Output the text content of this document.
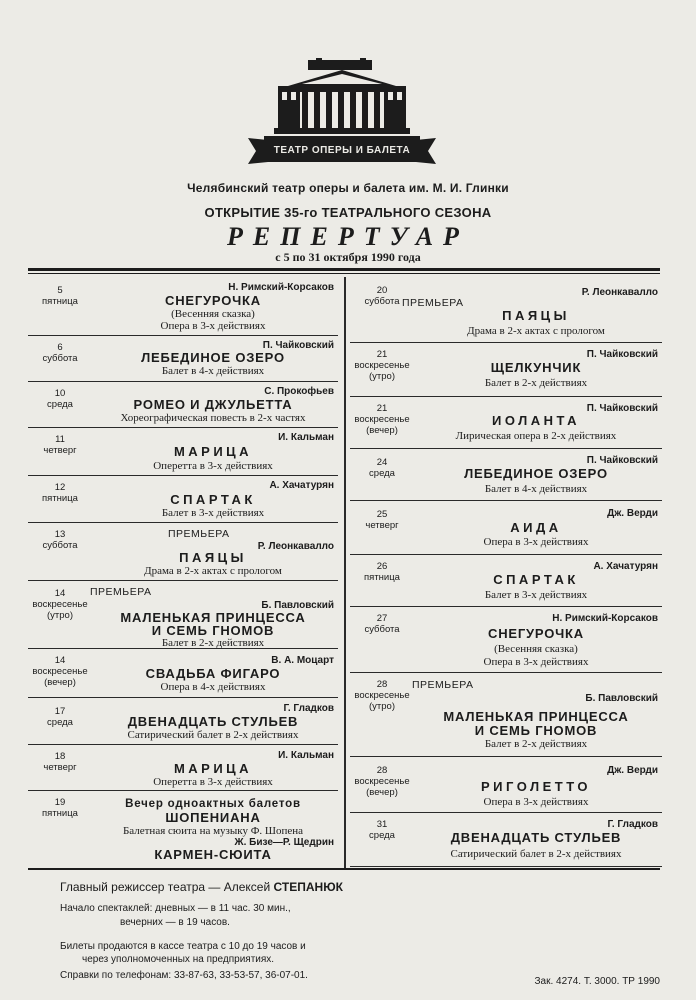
ТЕАТР ОПЕРЫ И БАЛЕТА
Челябинский театр оперы и балета им. М. И. Глинки
ОТКРЫТИЕ 35-го ТЕАТРАЛЬНОГО СЕЗОНА
РЕПЕРТУАР
с 5 по 31 октября 1990 года
5
пятница
Н. Римский-Корсаков
СНЕГУРОЧКА
(Весенняя сказка)
Опера в 3-х действиях
6
суббота
П. Чайковский
ЛЕБЕДИНОЕ ОЗЕРО
Балет в 4-х действиях
10
среда
С. Прокофьев
РОМЕО И ДЖУЛЬЕТТА
Хореографическая повесть в 2-х частях
11
четверг
И. Кальман
МАРИЦА
Оперетта в 3-х действиях
12
пятница
А. Хачатурян
СПАРТАК
Балет в 3-х действиях
13
суббота
ПРЕМЬЕРА
Р. Леонкавалло
ПАЯЦЫ
Драма в 2-х актах с прологом
14
воскресенье
(утро)
ПРЕМЬЕРА
Б. Павловский
МАЛЕНЬКАЯ ПРИНЦЕССА
И СЕМЬ ГНОМОВ
Балет в 2-х действиях
14
воскресенье
(вечер)
В. А. Моцарт
СВАДЬБА ФИГАРО
Опера в 4-х действиях
17
среда
Г. Гладков
ДВЕНАДЦАТЬ СТУЛЬЕВ
Сатирический балет в 2-х действиях
18
четверг
И. Кальман
МАРИЦА
Оперетта в 3-х действиях
19
пятница
Вечер одноактных балетов
ШОПЕНИАНА
Балетная сюита на музыку Ф. Шопена
Ж. Бизе—Р. Щедрин
КАРМЕН-СЮИТА
20
суббота ПРЕМЬЕРА
Р. Леонкавалло
ПАЯЦЫ
Драма в 2-х актах с прологом
21
воскресенье
(утро)
П. Чайковский
ЩЕЛКУНЧИК
Балет в 2-х действиях
21
воскресенье
(вечер)
П. Чайковский
ИОЛАНТА
Лирическая опера в 2-х действиях
24
среда
П. Чайковский
ЛЕБЕДИНОЕ ОЗЕРО
Балет в 4-х действиях
25
четверг
Дж. Верди
АИДА
Опера в 3-х действиях
26
пятница
А. Хачатурян
СПАРТАК
Балет в 3-х действиях
27
суббота
Н. Римский-Корсаков
СНЕГУРОЧКА
(Весенняя сказка)
Опера в 3-х действиях
28
воскресенье
(утро)
ПРЕМЬЕРА
Б. Павловский
МАЛЕНЬКАЯ ПРИНЦЕССА
И СЕМЬ ГНОМОВ
Балет в 2-х действиях
28
воскресенье
(вечер)
Дж. Верди
РИГОЛЕТТО
Опера в 3-х действиях
31
среда
Г. Гладков
ДВЕНАДЦАТЬ СТУЛЬЕВ
Сатирический балет в 2-х действиях
Главный режиссер театра — Алексей СТЕПАНЮК
Начало спектаклей: дневных — в 11 час. 30 мин.,
вечерних — в 19 часов.
Билеты продаются в кассе театра с 10 до 19 часов и
через уполномоченных на предприятиях.
Справки по телефонам: 33-87-63, 33-53-57, 36-07-01.
Зак. 4274. Т. 3000. ТР 1990
